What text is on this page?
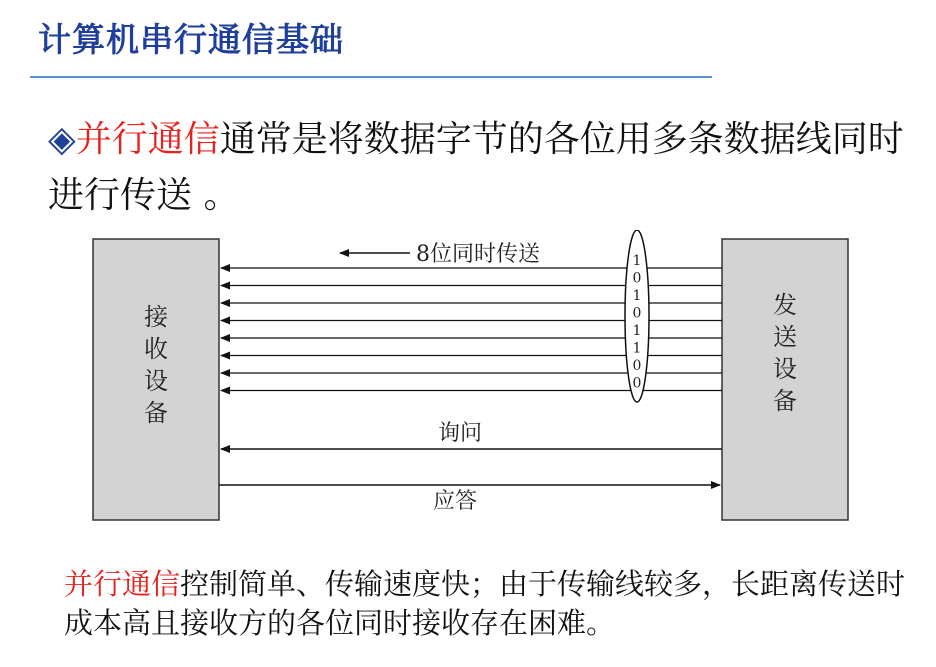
计算机串行通信基础
◈并行通信通常是将数据字节的各位用多条数据线同时进行传送 。
接收设备
发送设备
8位同时传送	1
0
1
0
1
1
0
0
询问
应答
并行通信控制简单、传输速度快；由于传输线较多，长距离传送时成本高且接收方的各位同时接收存在困难。
